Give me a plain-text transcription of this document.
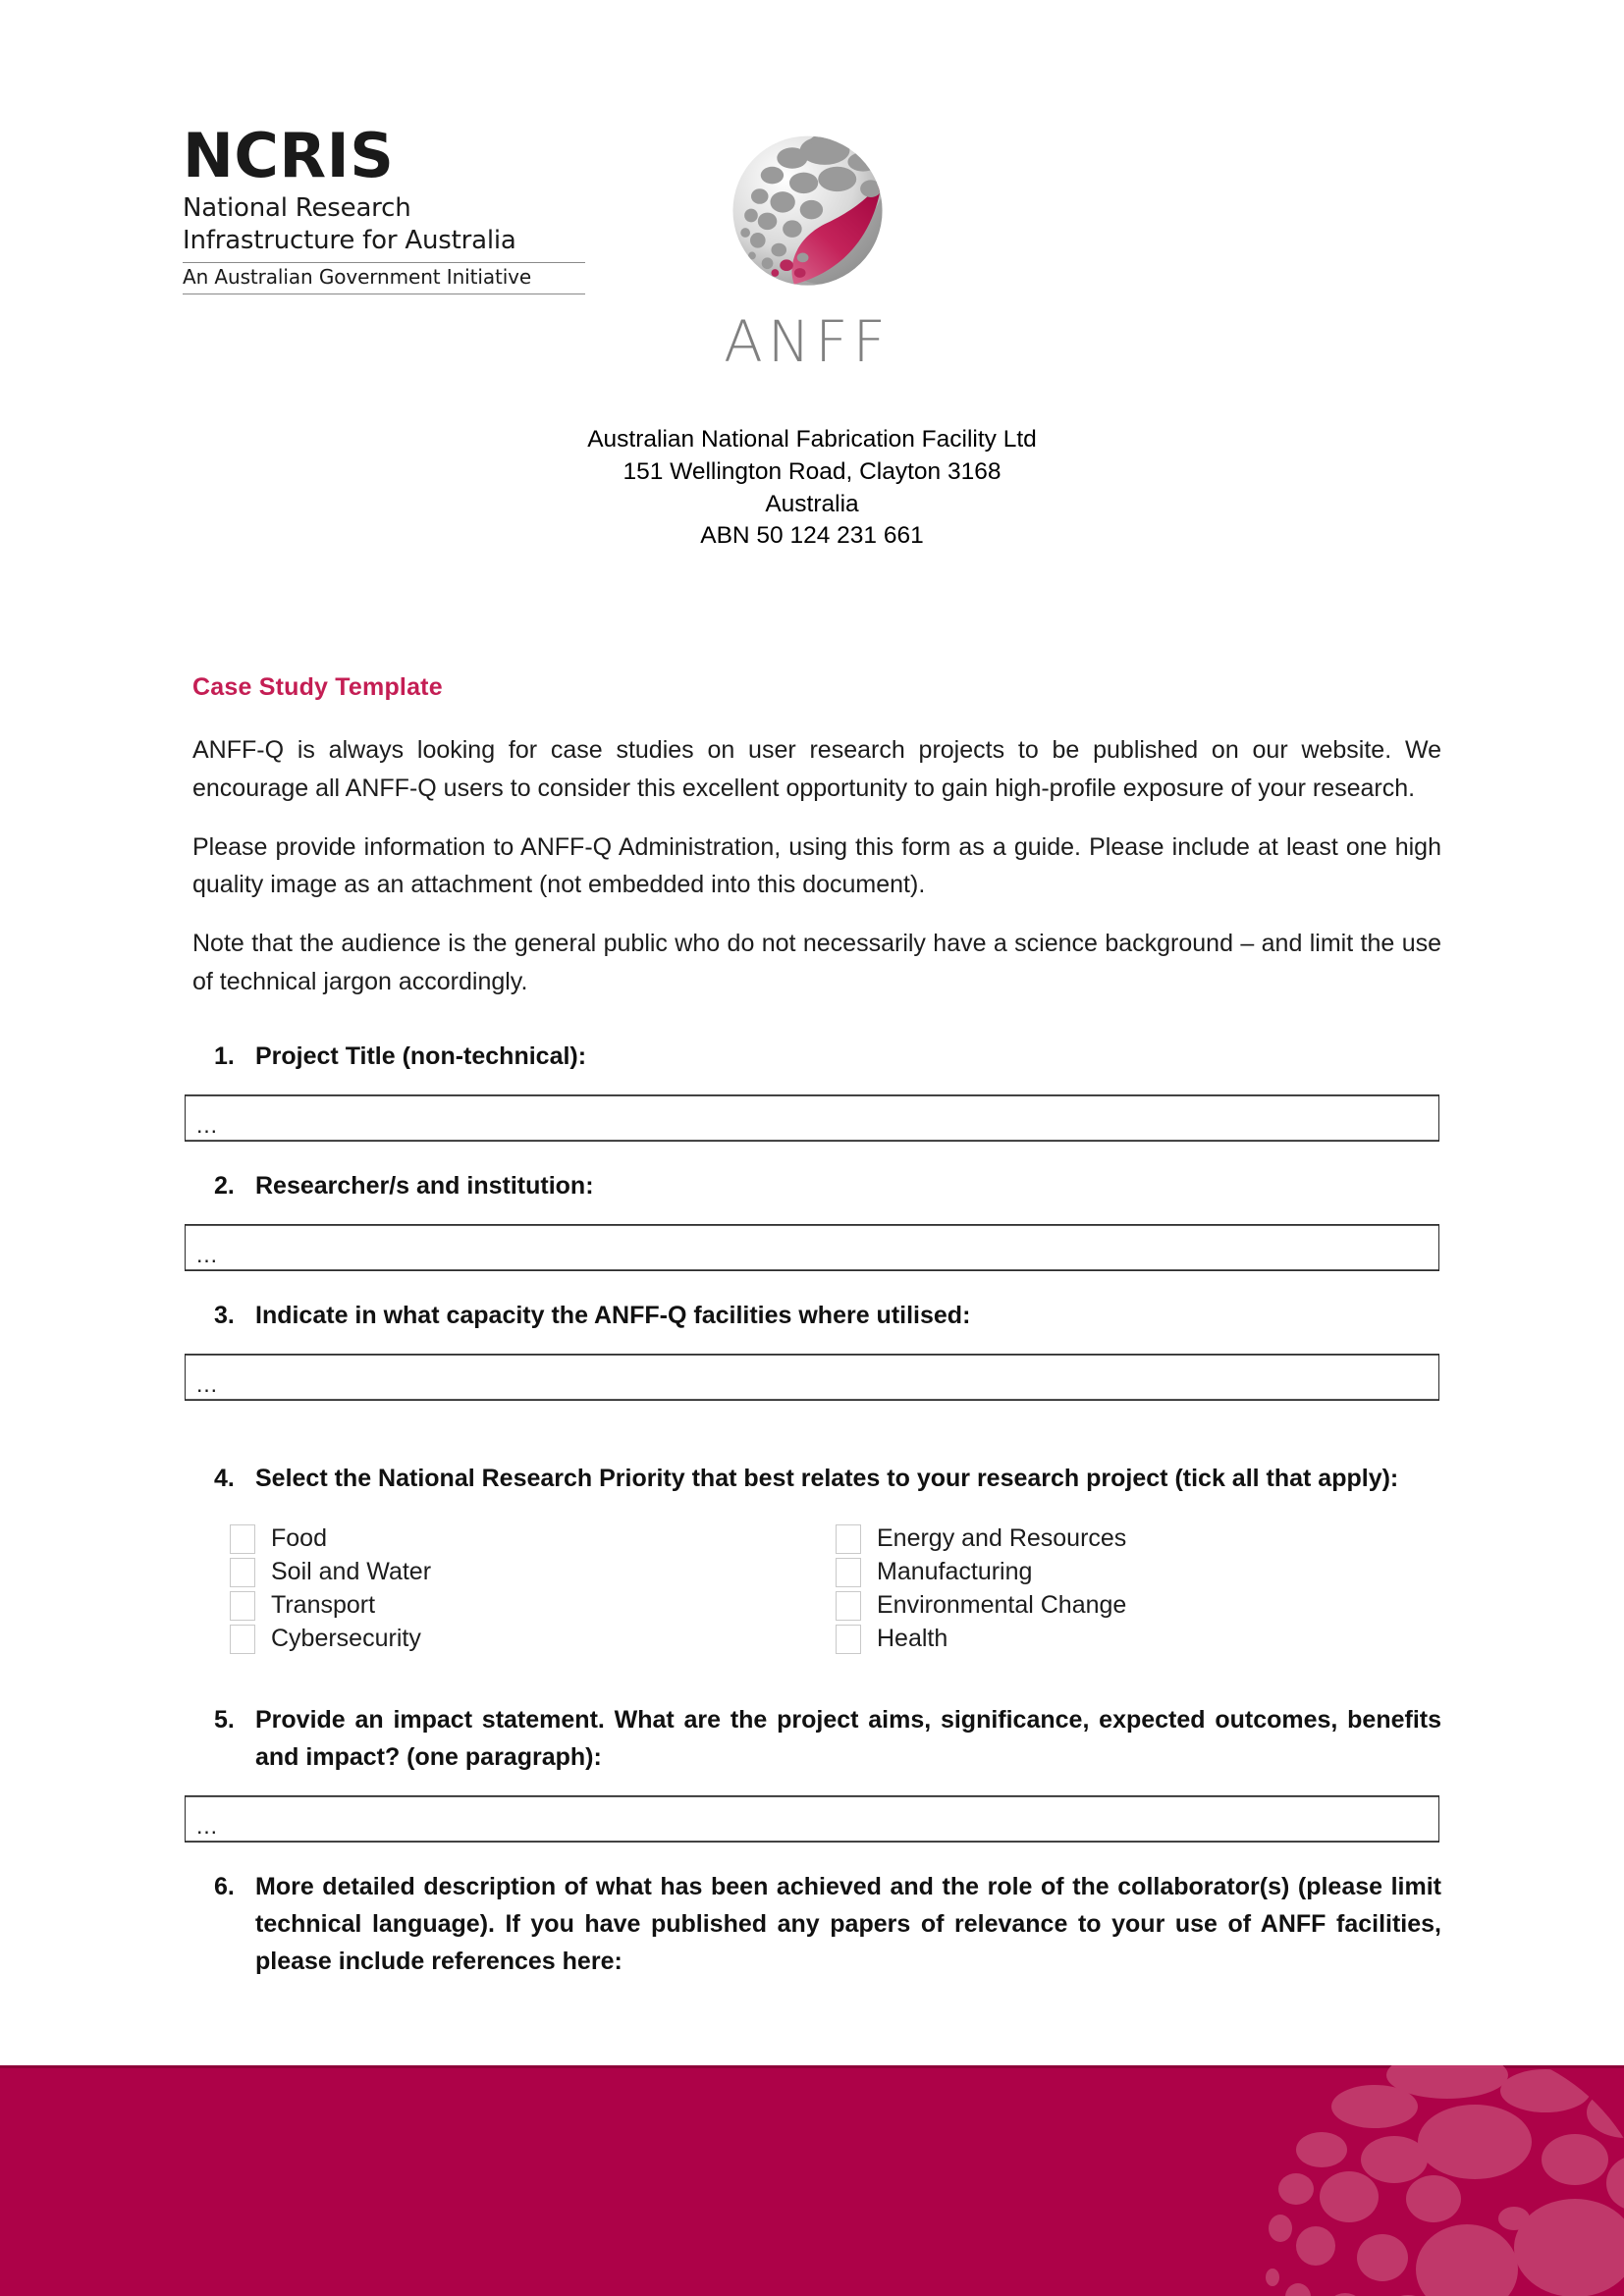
NCRIS
National Research
Infrastructure for Australia
An Australian Government Initiative
ANFF
Australian National Fabrication Facility Ltd
151 Wellington Road, Clayton 3168
Australia
ABN 50 124 231 661
Case Study Template

ANFF-Q is always looking for case studies on user research projects to be published on our website. We encourage all ANFF-Q users to consider this excellent opportunity to gain high-profile exposure of your research.

Please provide information to ANFF-Q Administration, using this form as a guide. Please include at least one high quality image as an attachment (not embedded into this document).

Note that the audience is the general public who do not necessarily have a science background – and limit the use of technical jargon accordingly.

1. Project Title (non-technical):
…
2. Researcher/s and institution:
…
3. Indicate in what capacity the ANFF-Q facilities where utilised:
…
4. Select the National Research Priority that best relates to your research project (tick all that apply):
Food
Soil and Water
Transport
Cybersecurity
Energy and Resources
Manufacturing
Environmental Change
Health
5. Provide an impact statement. What are the project aims, significance, expected outcomes, benefits and impact? (one paragraph):
…
6. More detailed description of what has been achieved and the role of the collaborator(s) (please limit technical language). If you have published any papers of relevance to your use of ANFF facilities, please include references here:
